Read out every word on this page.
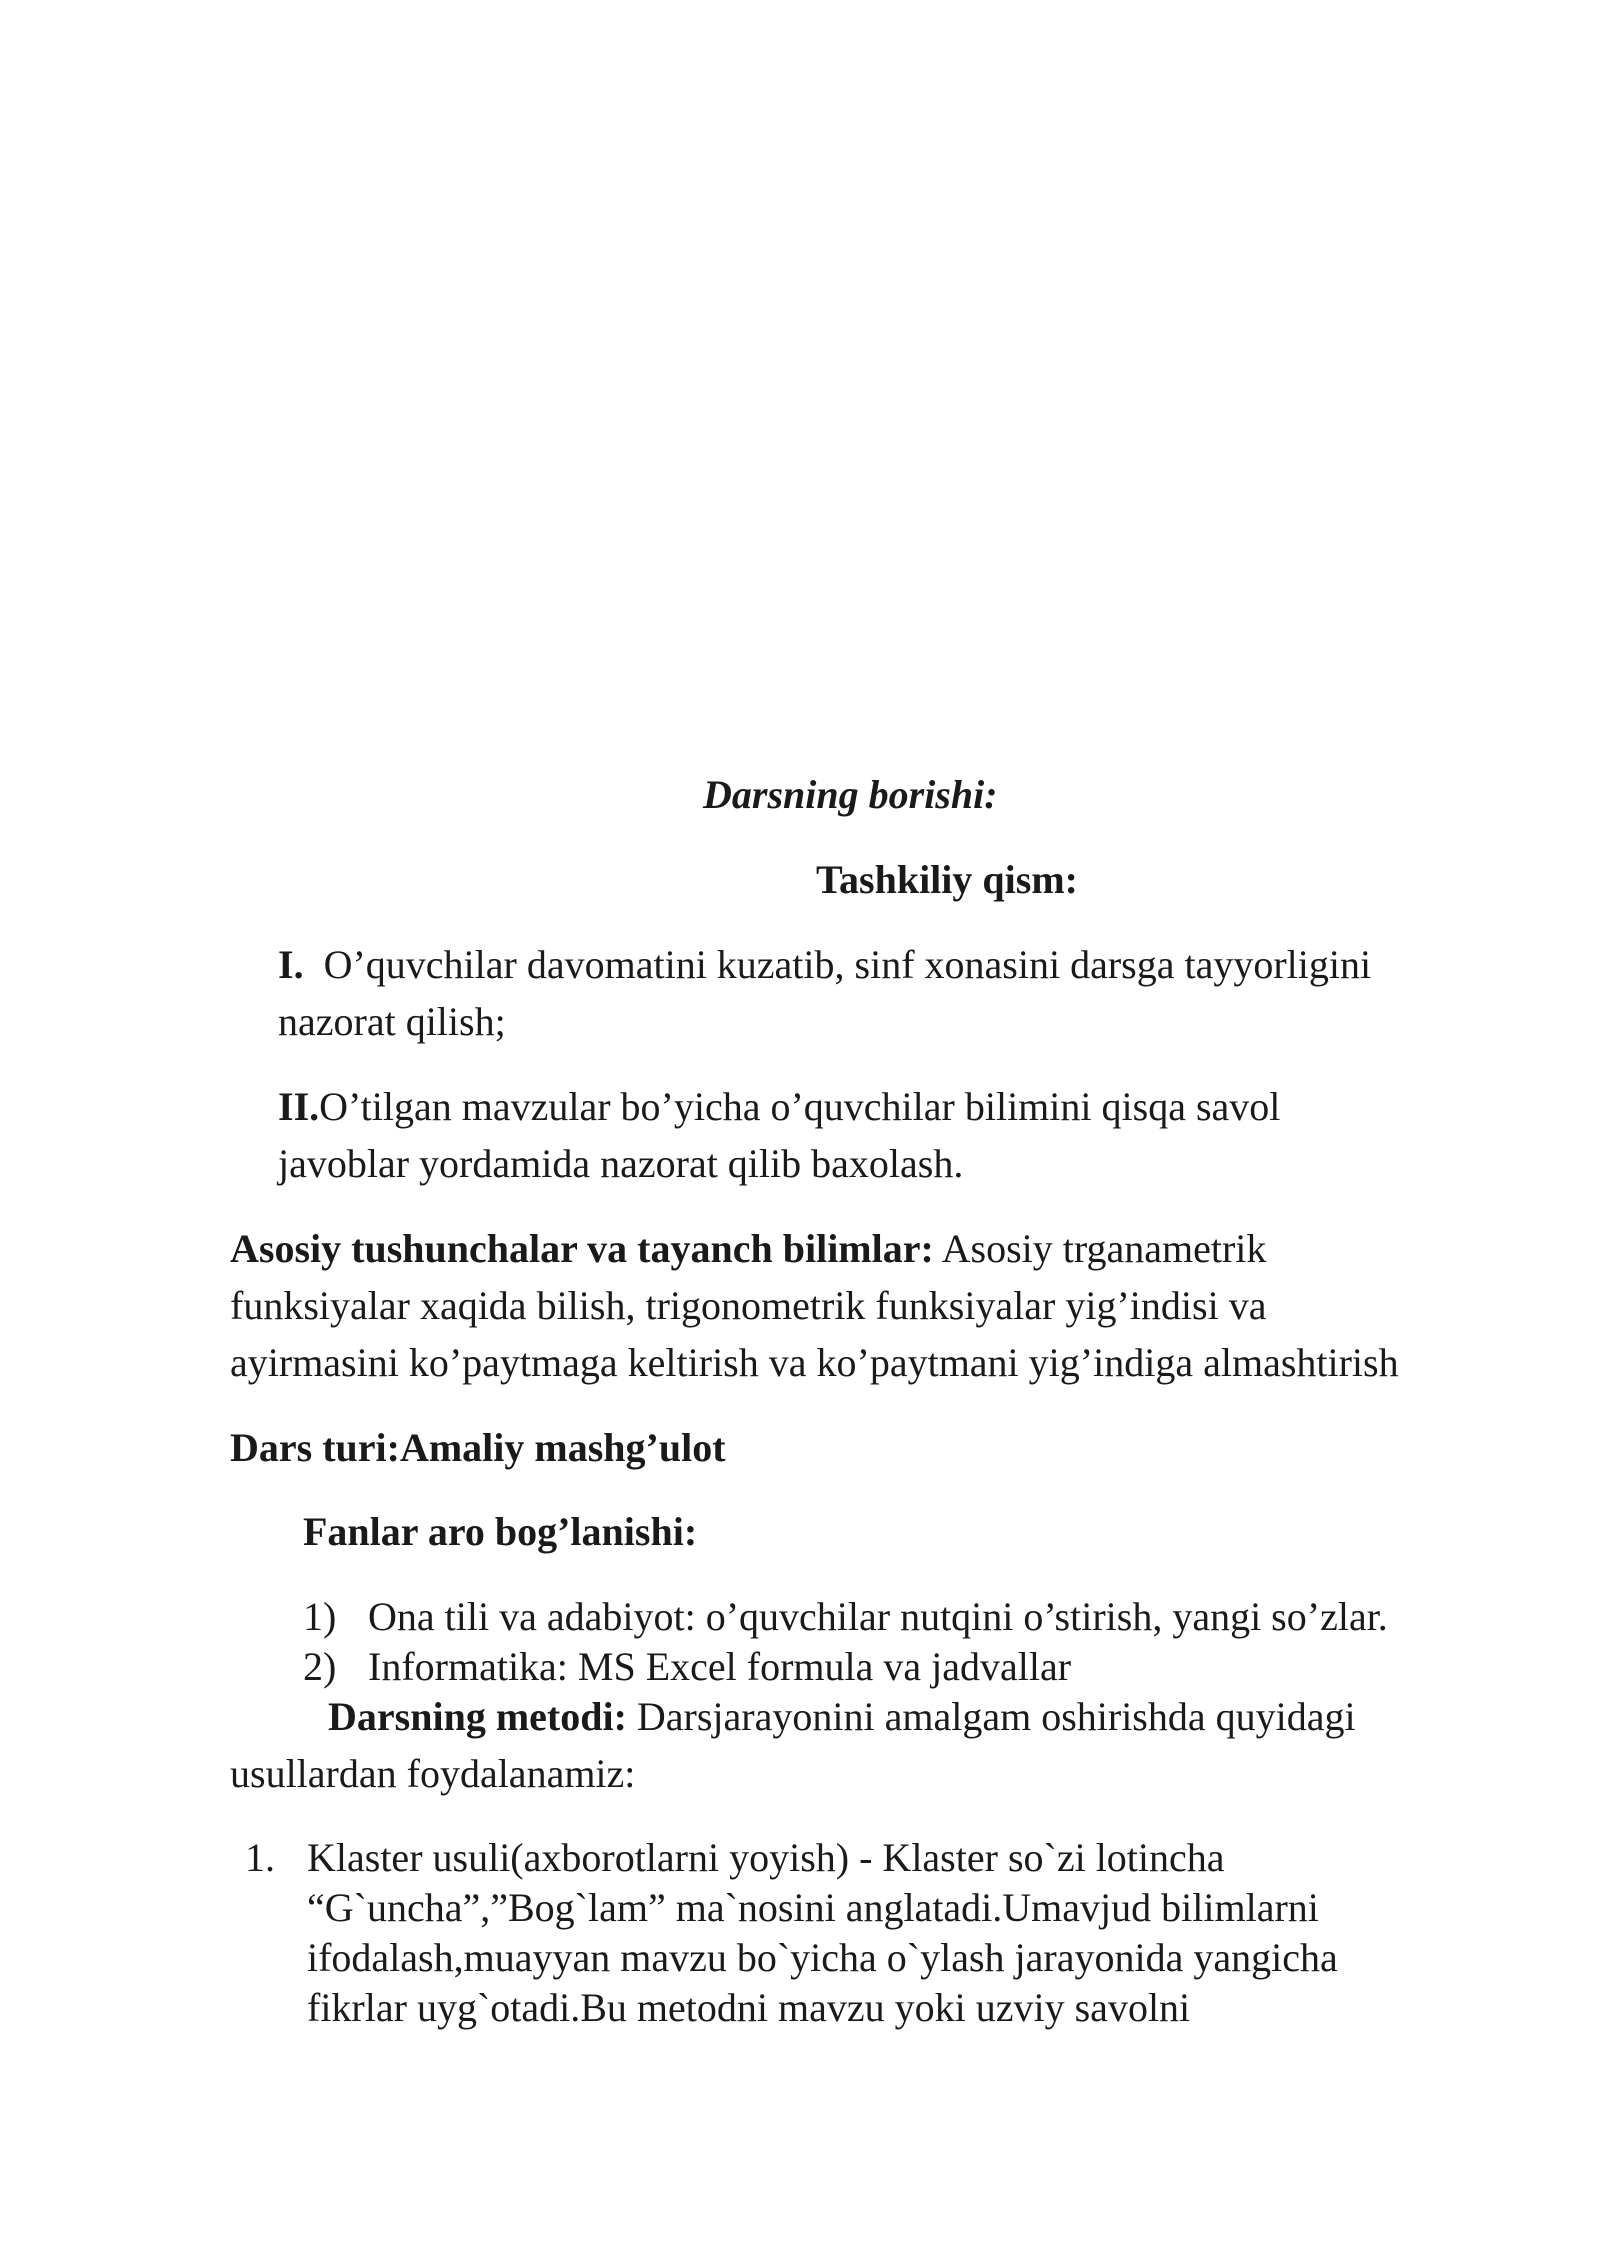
Darsning borishi:
Tashkiliy qism:
I. O’quvchilar davomatini kuzatib, sinf xonasini darsga tayyorligini
nazorat qilish;
II.O’tilgan mavzular bo’yicha o’quvchilar bilimini qisqa savol
javoblar yordamida nazorat qilib baxolash.
Asosiy tushunchalar va tayanch bilimlar: Asosiy trganametrik
funksiyalar xaqida bilish, trigonometrik funksiyalar yig’indisi va
ayirmasini ko’paytmaga keltirish va ko’paytmani yig’indiga almashtirish
Dars turi:Amaliy mashg’ulot
Fanlar aro bog’lanishi:
1) Ona tili va adabiyot: o’quvchilar nutqini o’stirish, yangi so’zlar.
2) Informatika: MS Excel formula va jadvallar
Darsning metodi: Darsjarayonini amalgam oshirishda quyidagi
usullardan foydalanamiz:
1. Klaster usuli(axborotlarni yoyish) - Klaster so`zi lotincha
“G`uncha”,”Bog`lam” ma`nosini anglatadi.Umavjud bilimlarni
ifodalash,muayyan mavzu bo`yicha o`ylash jarayonida yangicha
fikrlar uyg`otadi.Bu metodni mavzu yoki uzviy savolni
